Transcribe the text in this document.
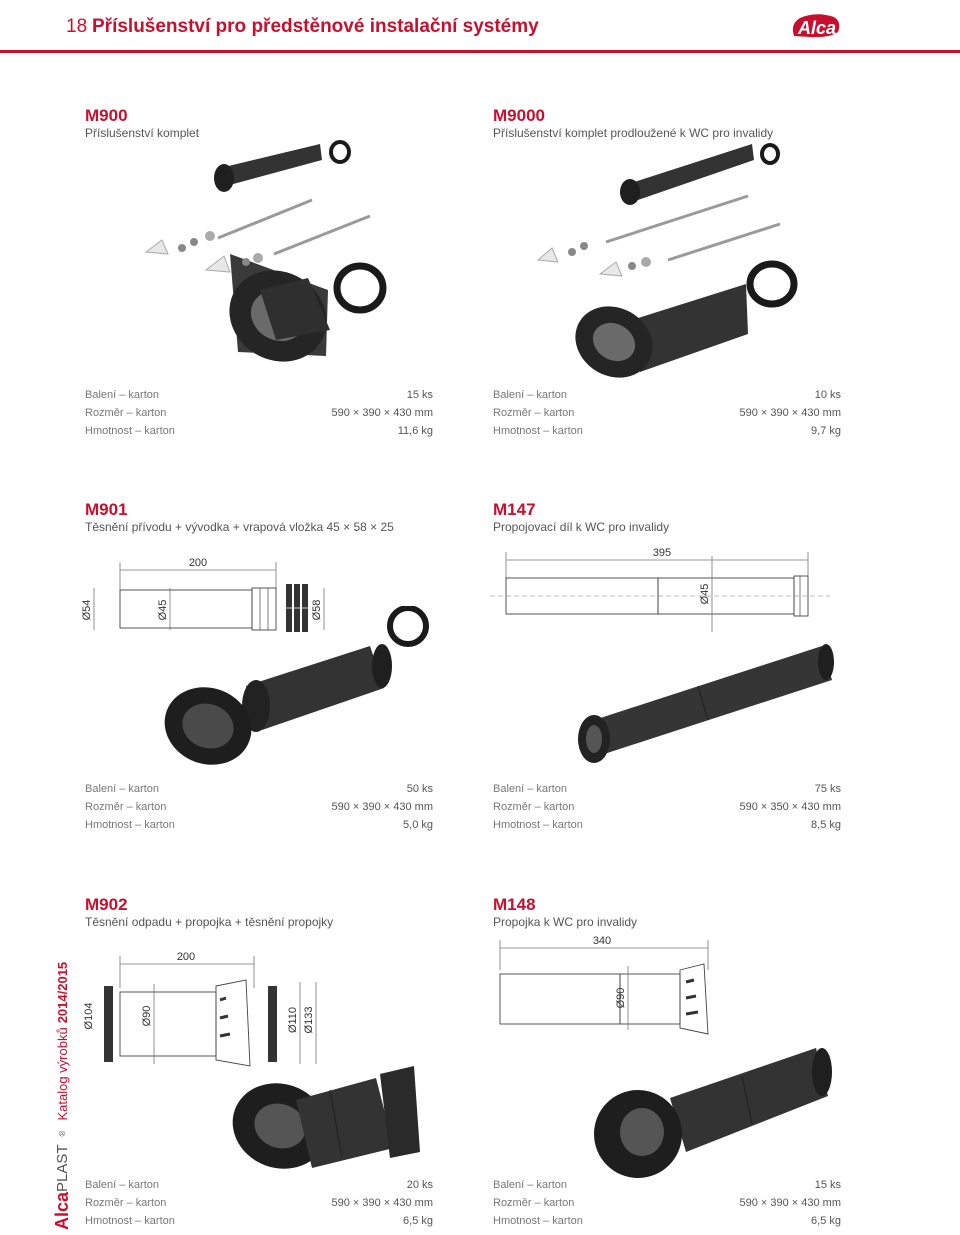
18 Příslušenství pro předstěnové instalační systémy	Alca
Alca
PLAST
®
Katalog výrobků
2014/2015
M900
Příslušenství komplet
Balení – karton	15 ks
Rozměr – karton	590 × 390 × 430 mm
Hmotnost – karton	11,6 kg
M9000
Příslušenství komplet prodloužené k WC pro invalidy
Balení – karton	10 ks
Rozměr – karton	590 × 390 × 430 mm
Hmotnost – karton	9,7 kg
M901
Těsnění přívodu + vývodka + vrapová vložka 45 × 58 × 25
200
Ø54	Ø45	Ø58
Balení – karton	50 ks
Rozměr – karton	590 × 390 × 430 mm
Hmotnost – karton	5,0 kg
M147
Propojovací díl k WC pro invalidy
395
Ø45
Balení – karton	75 ks
Rozměr – karton	590 × 350 × 430 mm
Hmotnost – karton	8,5 kg
M902
Těsnění odpadu + propojka + těsnění propojky
200
Ø104	Ø90	Ø110 Ø133
Balení – karton	20 ks
Rozměr – karton	590 × 390 × 430 mm
Hmotnost – karton	6,5 kg
M148
Propojka k WC pro invalidy
340
Ø90
Balení – karton	15 ks
Rozměr – karton	590 × 390 × 430 mm
Hmotnost – karton	6,5 kg
